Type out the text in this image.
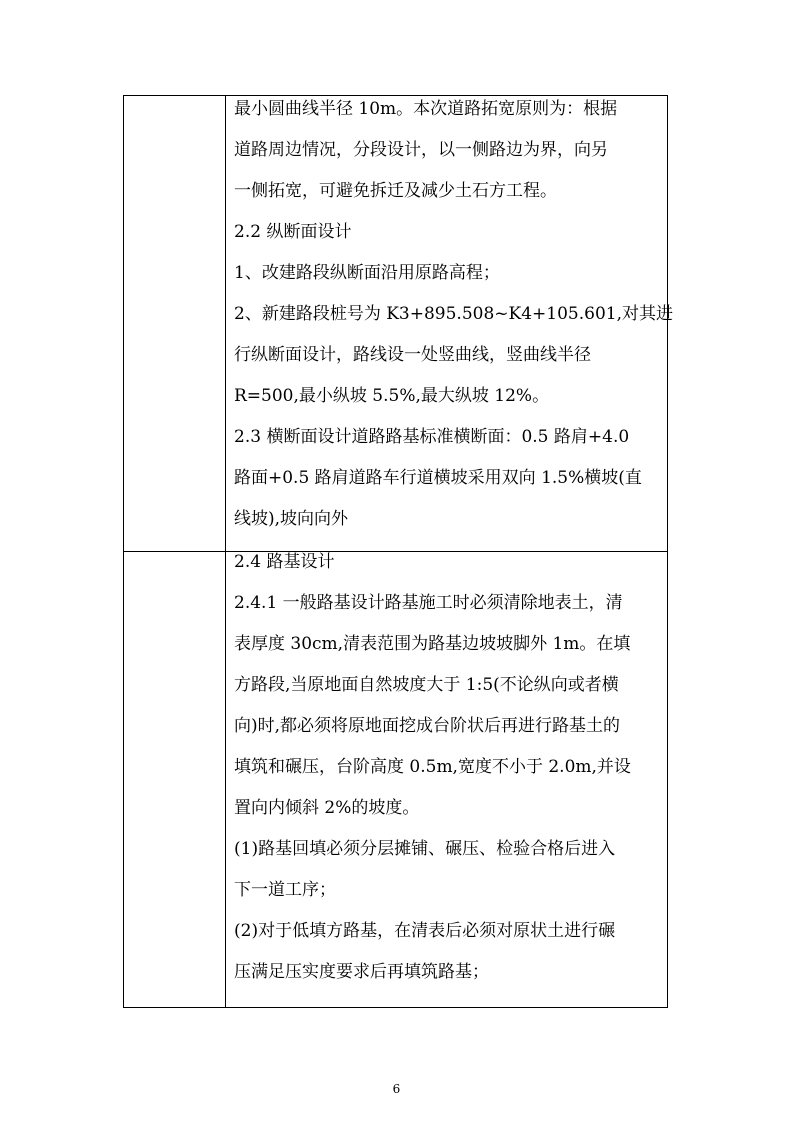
最小圆曲线半径 10m。本次道路拓宽原则为：根据
道路周边情况，分段设计，以一侧路边为界，向另
一侧拓宽，可避免拆迁及减少土石方工程。
2.2 纵断面设计
1、改建路段纵断面沿用原路高程；
2、新建路段桩号为 K3+895.508~K4+105.601,对其进
行纵断面设计，路线设一处竖曲线，竖曲线半径
R=500,最小纵坡 5.5%,最大纵坡 12%。
2.3 横断面设计道路路基标准横断面：0.5 路肩+4.0
路面+0.5 路肩道路车行道横坡采用双向 1.5%横坡(直
线坡),坡向向外
2.4 路基设计
2.4.1 一般路基设计路基施工时必须清除地表土，清
表厚度 30cm,清表范围为路基边坡坡脚外 1m。在填
方路段,当原地面自然坡度大于 1:5(不论纵向或者横
向)时,都必须将原地面挖成台阶状后再进行路基土的
填筑和碾压，台阶高度 0.5m,宽度不小于 2.0m,并设
置向内倾斜 2%的坡度。
(1)路基回填必须分层摊铺、碾压、检验合格后进入
下一道工序；
(2)对于低填方路基，在清表后必须对原状土进行碾
压满足压实度要求后再填筑路基；
6
